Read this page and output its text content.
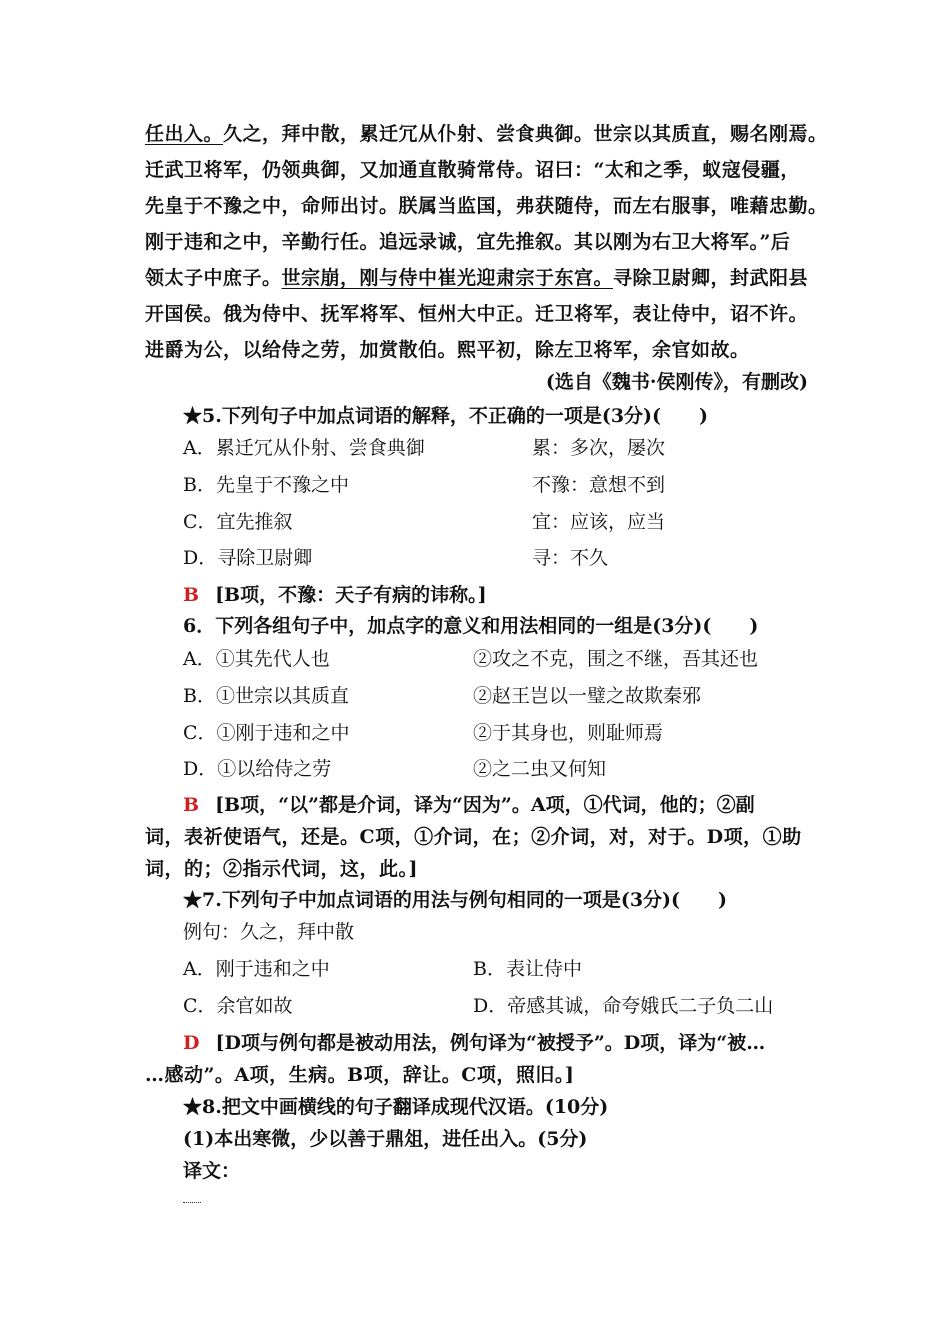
任出入。久之，拜中散，累迁冗从仆射、尝食典御。世宗以其质直，赐名刚焉。
迁武卫将军，仍领典御，又加通直散骑常侍。诏曰：“太和之季，蚁寇侵疆，
先皇于不豫之中，命师出讨。朕属当监国，弗获随侍，而左右服事，唯藉忠勤。
刚于违和之中，辛勤行任。追远录诚，宜先推叙。其以刚为右卫大将军。”后
领太子中庶子。世宗崩，刚与侍中崔光迎肃宗于东宫。寻除卫尉卿，封武阳县
开国侯。俄为侍中、抚军将军、恒州大中正。迁卫将军，表让侍中，诏不许。
进爵为公，以给侍之劳，加赏散伯。熙平初，除左卫将军，余官如故。
(选自《魏书·侯刚传》，有删改)
★5.下列句子中加点词语的解释，不正确的一项是(3分)(　　)
A．累迁冗从仆射、尝食典御	累：多次，屡次
B．先皇于不豫之中	不豫：意想不到
C．宜先推叙	宜：应该，应当
D．寻除卫尉卿	寻：不久
B [B项，不豫：天子有病的讳称。]
6．下列各组句子中，加点字的意义和用法相同的一组是(3分)(　　)
A．①其先代人也	②攻之不克，围之不继，吾其还也
B．①世宗以其质直	②赵王岂以一璧之故欺秦邪
C．①刚于违和之中	②于其身也，则耻师焉
D．①以给侍之劳	②之二虫又何知
B [B项，“以”都是介词，译为“因为”。A项，①代词，他的；②副
词，表祈使语气，还是。C项，①介词，在；②介词，对，对于。D项，①助
词，的；②指示代词，这，此。]
★7.下列句子中加点词语的用法与例句相同的一项是(3分)(　　)
例句：久之，拜中散
A．刚于违和之中	B．表让侍中
C．余官如故	D．帝感其诚，命夸娥氏二子负二山
D [D项与例句都是被动用法，例句译为“被授予”。D项，译为“被…
…感动”。A项，生病。B项，辞让。C项，照旧。]
★8.把文中画横线的句子翻译成现代汉语。(10分)
(1)本出寒微，少以善于鼎俎，进任出入。(5分)
译文：
